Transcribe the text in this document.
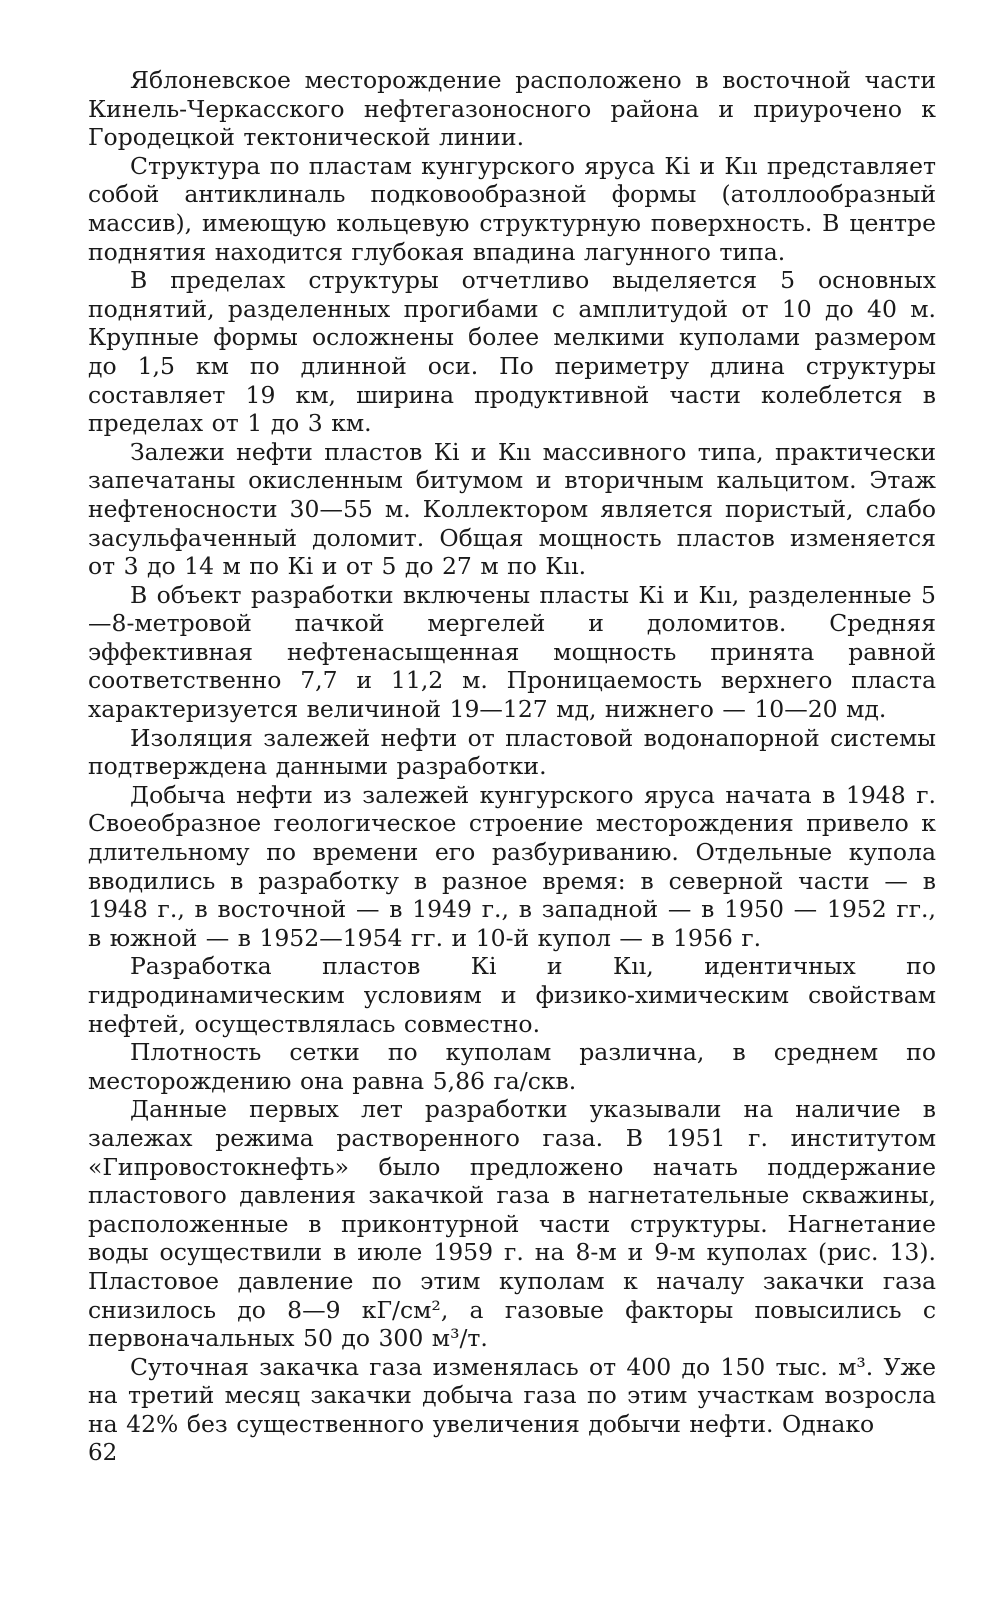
Яблоневское месторождение расположено в восточной части Кинель-Черкасского нефтегазоносного района и приурочено к Городецкой тектонической линии.

Структура по пластам кунгурского яруса Кі и Кıı представляет собой антиклиналь подковообразной формы (атоллообразный массив), имеющую кольцевую структурную поверхность. В центре поднятия находится глубокая впадина лагунного типа.

В пределах структуры отчетливо выделяется 5 основных поднятий, разделенных прогибами с амплитудой от 10 до 40 м. Крупные формы осложнены более мелкими куполами размером до 1,5 км по длинной оси. По периметру длина структуры составляет 19 км, ширина продуктивной части колеблется в пределах от 1 до 3 км.

Залежи нефти пластов Кі и Кıı массивного типа, практически запечатаны окисленным битумом и вторичным кальцитом. Этаж нефтеносности 30—55 м. Коллектором является пористый, слабо засульфаченный доломит. Общая мощность пластов изменяется от 3 до 14 м по Кі и от 5 до 27 м по Кıı.

В объект разработки включены пласты Кі и Кıı, разделенные 5—8-метровой пачкой мергелей и доломитов. Средняя эффективная нефтенасыщенная мощность принята равной соответственно 7,7 и 11,2 м. Проницаемость верхнего пласта характеризуется величиной 19—127 мд, нижнего — 10—20 мд.

Изоляция залежей нефти от пластовой водонапорной системы подтверждена данными разработки.

Добыча нефти из залежей кунгурского яруса начата в 1948 г. Своеобразное геологическое строение месторождения привело к длительному по времени его разбуриванию. Отдельные купола вводились в разработку в разное время: в северной части — в 1948 г., в восточной — в 1949 г., в западной — в 1950 — 1952 гг., в южной — в 1952—1954 гг. и 10-й купол — в 1956 г.

Разработка пластов Кі и Кıı, идентичных по гидродинамическим условиям и физико-химическим свойствам нефтей, осуществлялась совместно.

Плотность сетки по куполам различна, в среднем по месторождению она равна 5,86 га/скв.

Данные первых лет разработки указывали на наличие в залежах режима растворенного газа. В 1951 г. институтом «Гипровостокнефть» было предложено начать поддержание пластового давления закачкой газа в нагнетательные скважины, расположенные в приконтурной части структуры. Нагнетание воды осуществили в июле 1959 г. на 8-м и 9-м куполах (рис. 13). Пластовое давление по этим куполам к началу закачки газа снизилось до 8—9 кГ/см², а газовые факторы повысились с первоначальных 50 до 300 м³/т.

Суточная закачка газа изменялась от 400 до 150 тыс. м³. Уже на третий месяц закачки добыча газа по этим участкам возросла на 42% без существенного увеличения добычи нефти. Однако

62
